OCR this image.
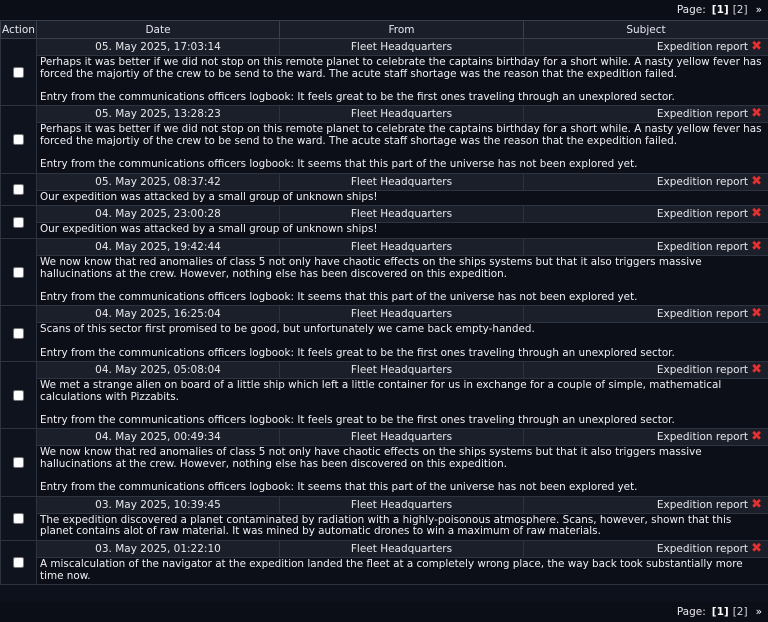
Page: [1] [2] »
Action	Date	From	Subject
	05. May 2025, 17:03:14	Fleet Headquarters	Expedition report ✖

	Perhaps it was better if we did not stop on this remote planet to celebrate the captains birthday for a short while. A nasty yellow fever has forced the majortiy of the crew to be send to the ward. The acute staff shortage was the reason that the expedition failed.

Entry from the communications officers logbook: It feels great to be the first ones traveling through an unexplored sector.		

	05. May 2025, 13:28:23	Fleet Headquarters	Expedition report ✖

	Perhaps it was better if we did not stop on this remote planet to celebrate the captains birthday for a short while. A nasty yellow fever has forced the majortiy of the crew to be send to the ward. The acute staff shortage was the reason that the expedition failed.

Entry from the communications officers logbook: It seems that this part of the universe has not been explored yet.		

	05. May 2025, 08:37:42	Fleet Headquarters	Expedition report ✖

	Our expedition was attacked by a small group of unknown ships!		

	04. May 2025, 23:00:28	Fleet Headquarters	Expedition report ✖

	Our expedition was attacked by a small group of unknown ships!		

	04. May 2025, 19:42:44	Fleet Headquarters	Expedition report ✖

	We now know that red anomalies of class 5 not only have chaotic effects on the ships systems but that it also triggers massive hallucinations at the crew. However, nothing else has been discovered on this expedition.

Entry from the communications officers logbook: It seems that this part of the universe has not been explored yet.		

	04. May 2025, 16:25:04	Fleet Headquarters	Expedition report ✖

	Scans of this sector first promised to be good, but unfortunately we came back empty-handed.

Entry from the communications officers logbook: It feels great to be the first ones traveling through an unexplored sector.		

	04. May 2025, 05:08:04	Fleet Headquarters	Expedition report ✖

	We met a strange alien on board of a little ship which left a little container for us in exchange for a couple of simple, mathematical calculations with Pizzabits.

Entry from the communications officers logbook: It feels great to be the first ones traveling through an unexplored sector.		

	04. May 2025, 00:49:34	Fleet Headquarters	Expedition report ✖

	We now know that red anomalies of class 5 not only have chaotic effects on the ships systems but that it also triggers massive hallucinations at the crew. However, nothing else has been discovered on this expedition.

Entry from the communications officers logbook: It seems that this part of the universe has not been explored yet.		

	03. May 2025, 10:39:45	Fleet Headquarters	Expedition report ✖

	The expedition discovered a planet contaminated by radiation with a highly-poisonous atmosphere. Scans, however, shown that this planet contains alot of raw material. It was mined by automatic drones to win a maximum of raw materials.		

	03. May 2025, 01:22:10	Fleet Headquarters	Expedition report ✖

	A miscalculation of the navigator at the expedition landed the fleet at a completely wrong place, the way back took substantially more time now.		

Page: [1] [2] »
